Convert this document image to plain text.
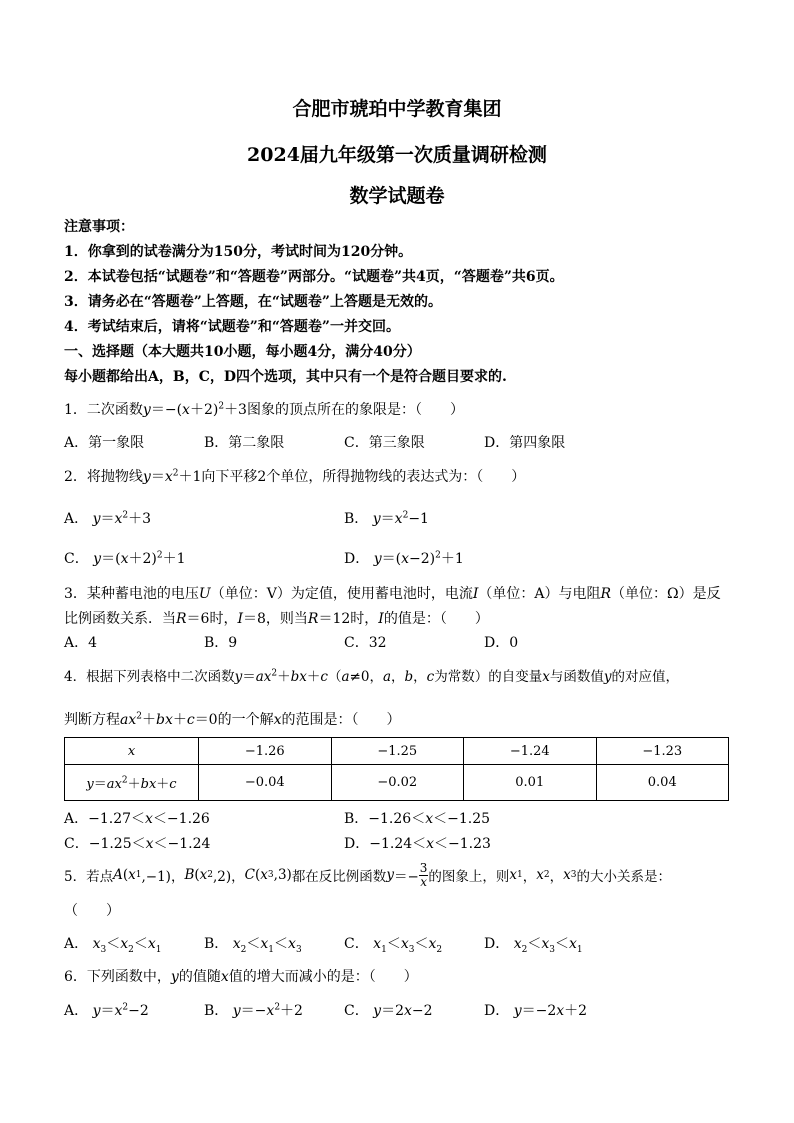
合肥市琥珀中学教育集团
2024届九年级第一次质量调研检测
数学试题卷
注意事项：
1．你拿到的试卷满分为150分，考试时间为120分钟。
2．本试卷包括“试题卷”和“答题卷”两部分。“试题卷”共4页，“答题卷”共6页。
3．请务必在“答题卷”上答题，在“试题卷”上答题是无效的。
4．考试结束后，请将“试题卷”和“答题卷”一并交回。
一、选择题（本大题共10小题，每小题4分，满分40分）
每小题都给出A，B，C，D四个选项，其中只有一个是符合题目要求的.
1．二次函数$y=-(x+2)^2+3$图象的顶点所在的象限是：（　　）
A．第一象限	B．第二象限	C．第三象限	D．第四象限
2．将抛物线$y=x^2+1$向下平移2个单位，所得抛物线的表达式为：（　　）
A． $y=x^2+3$	B． $y=x^2-1$
C． $y=(x+2)^2+1$	D． $y=(x-2)^2+1$
3．某种蓄电池的电压U（单位：V）为定值，使用蓄电池时，电流I（单位：A）与电阻R（单位：Ω）是反
比例函数关系．当R＝6时，I＝8，则当R＝12时，I的值是：（　　）
A．4	B．9	C．32	D．0
4．根据下列表格中二次函数$y=ax^2+bx+c(a\ne 0$，a，b，c为常数）的自变量x与函数值y的对应值，
判断方程$ax^2+bx+c=0$的一个解x的范围是：（　　）
x	−1.26	−1.25	−1.24	−1.23
$y=ax^2+bx+c$	−0.04	−0.02	0.01	0.04
A．−1.27＜x＜−1.26	B．−1.26＜x＜−1.25
C．−1.25＜x＜−1.24	D．−1.24＜x＜−1.23
5．若点 A ( x 1 ,−1)， B ( x 2 ,2)， C ( x 3 ,3) 都在反比例函数 $y =- \frac{3}{x}$ 的图象上，则 x 1 ， x 2 ， x 3 的大小关系是：
（　　）
A． $x_3<x_2<x_1$	B． $x_2<x_1<x_3$	C． $x_1<x_3<x_2$	D． $x_2<x_3<x_1$
6．下列函数中，y的值随x值的增大而减小的是：（　　）
A． $y=x^2-2$	B． $y=-x^2+2$	C． y＝2x−2	D． y＝−2x＋2
